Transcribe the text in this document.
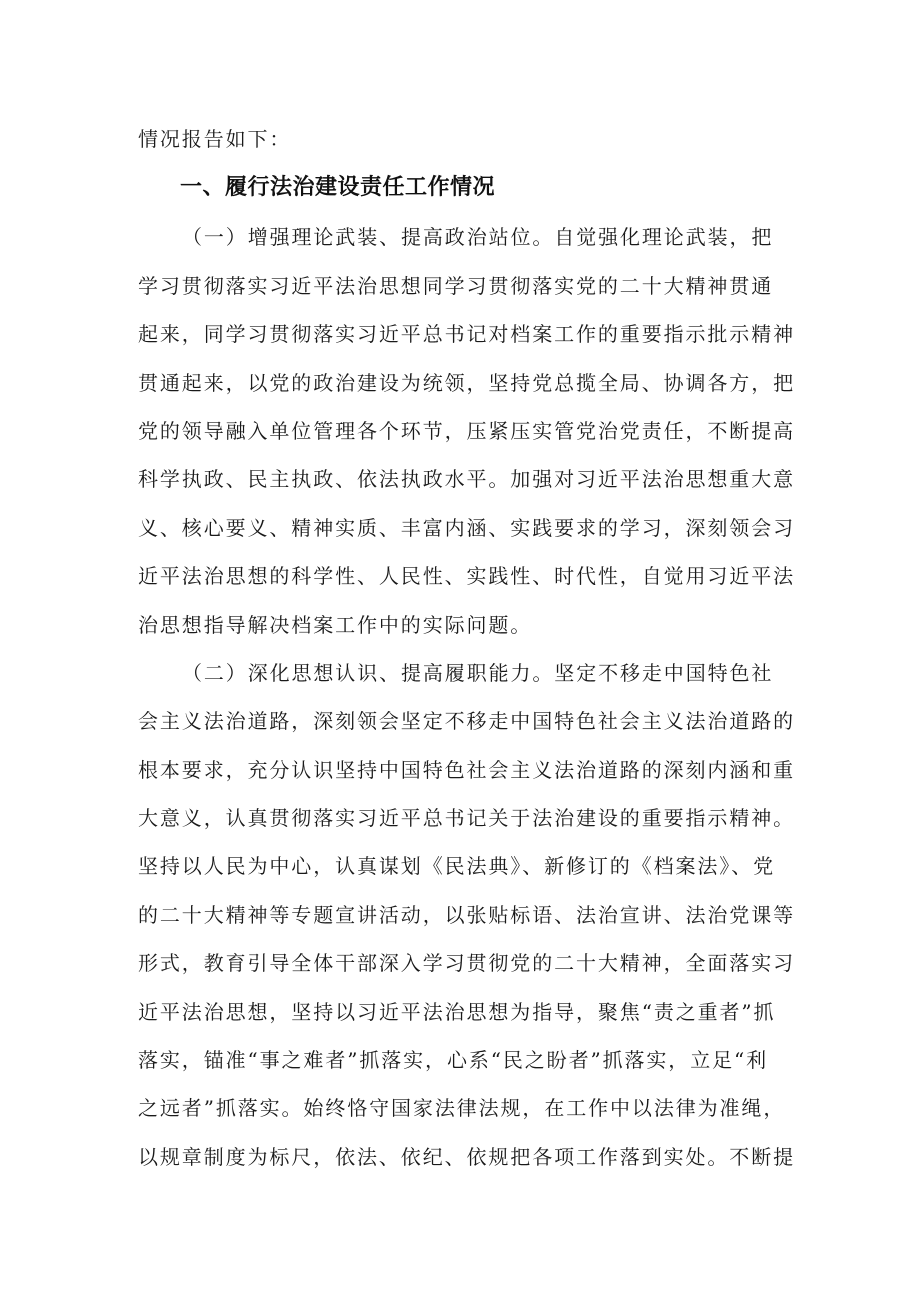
情况报告如下：
一、履行法治建设责任工作情况
（一）增强理论武装、提高政治站位。自觉强化理论武装，把
学习贯彻落实习近平法治思想同学习贯彻落实党的二十大精神贯通
起来，同学习贯彻落实习近平总书记对档案工作的重要指示批示精神
贯通起来，以党的政治建设为统领，坚持党总揽全局、协调各方，把
党的领导融入单位管理各个环节，压紧压实管党治党责任，不断提高
科学执政、民主执政、依法执政水平。加强对习近平法治思想重大意
义、核心要义、精神实质、丰富内涵、实践要求的学习，深刻领会习
近平法治思想的科学性、人民性、实践性、时代性，自觉用习近平法
治思想指导解决档案工作中的实际问题。
（二）深化思想认识、提高履职能力。坚定不移走中国特色社
会主义法治道路，深刻领会坚定不移走中国特色社会主义法治道路的
根本要求，充分认识坚持中国特色社会主义法治道路的深刻内涵和重
大意义，认真贯彻落实习近平总书记关于法治建设的重要指示精神。
坚持以人民为中心，认真谋划《民法典》、新修订的《档案法》、党
的二十大精神等专题宣讲活动，以张贴标语、法治宣讲、法治党课等
形式，教育引导全体干部深入学习贯彻党的二十大精神，全面落实习
近平法治思想，坚持以习近平法治思想为指导，聚焦“责之重者”抓
落实，锚准“事之难者”抓落实，心系“民之盼者”抓落实，立足“利
之远者”抓落实。始终恪守国家法律法规，在工作中以法律为准绳，
以规章制度为标尺，依法、依纪、依规把各项工作落到实处。不断提
